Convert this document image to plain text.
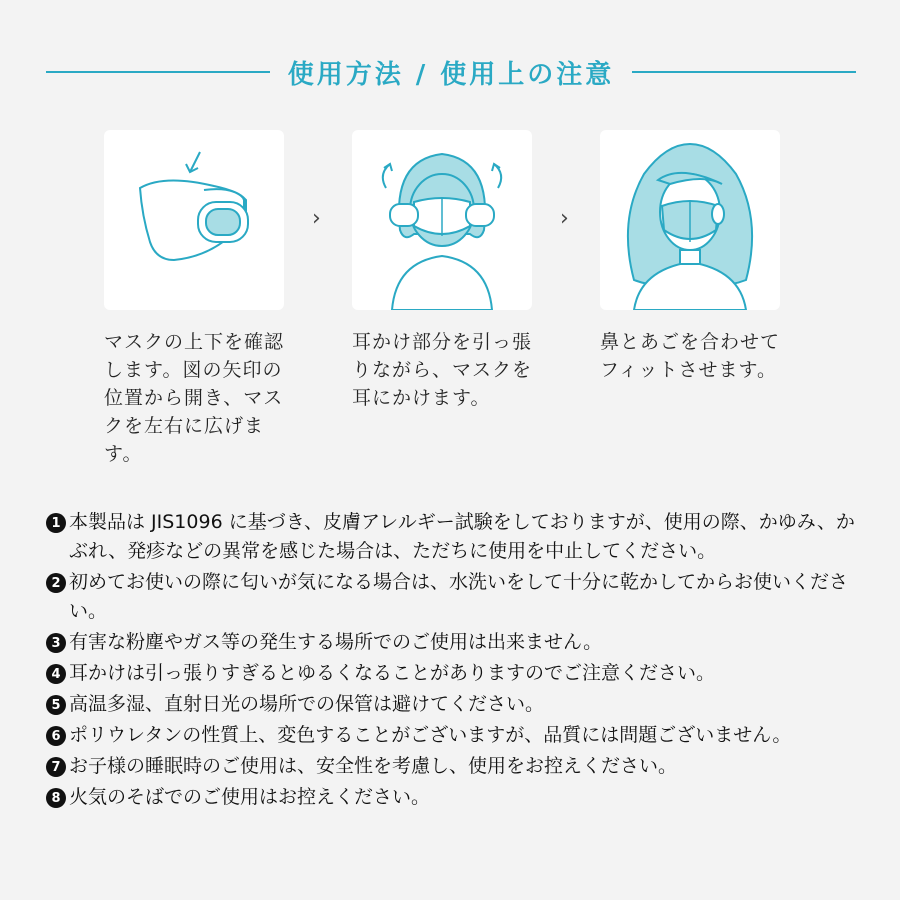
使用方法 / 使用上の注意
›	›
マスクの上下を確認します。図の矢印の位置から開き、マスクを左右に広げます。
耳かけ部分を引っ張りながら、マスクを耳にかけます。
鼻とあごを合わせてフィットさせます。
1 本製品は JIS1096 に基づき、皮膚アレルギー試験をしておりますが、使用の際、かゆみ、かぶれ、発疹などの異常を感じた場合は、ただちに使用を中止してください。
2 初めてお使いの際に匂いが気になる場合は、水洗いをして十分に乾かしてからお使いください。
3 有害な粉塵やガス等の発生する場所でのご使用は出来ません。
4 耳かけは引っ張りすぎるとゆるくなることがありますのでご注意ください。
5 高温多湿、直射日光の場所での保管は避けてください。
6 ポリウレタンの性質上、変色することがございますが、品質には問題ございません。
7 お子様の睡眠時のご使用は、安全性を考慮し、使用をお控えください。
8 火気のそばでのご使用はお控えください。
